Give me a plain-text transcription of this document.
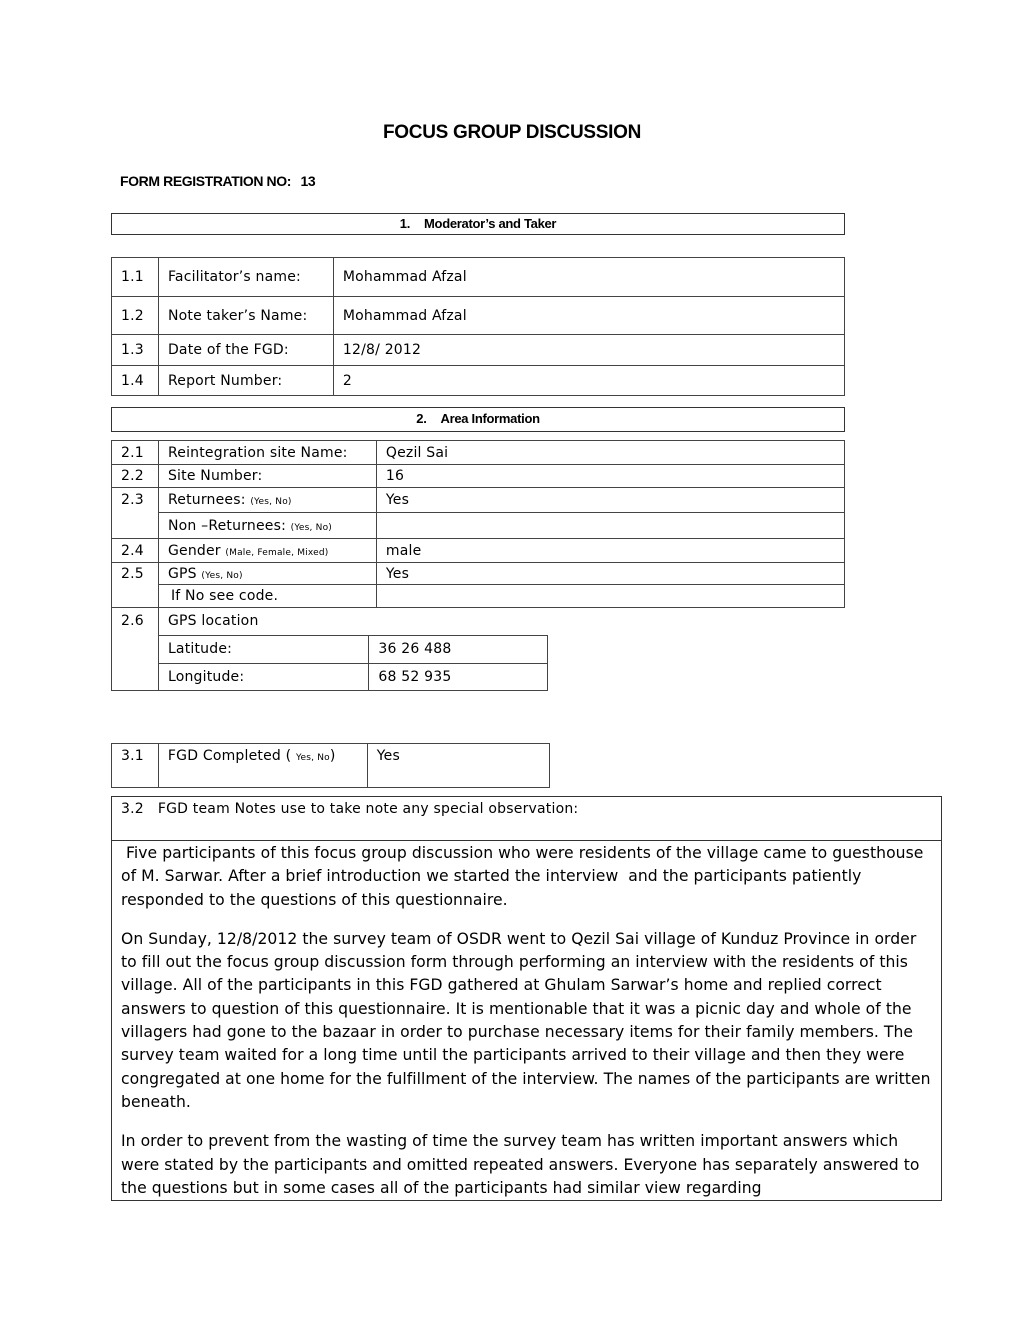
FOCUS GROUP DISCUSSION
FORM REGISTRATION NO: 13
1. Moderator’s and Taker
1.1	Facilitator’s name:	Mohammad Afzal
1.2	Note taker’s Name:	Mohammad Afzal
1.3	Date of the FGD:	12/8/ 2012
1.4	Report Number:	2
2. Area Information
2.1	Reintegration site Name:	Qezil Sai
2.2	Site Number:	16
2.3	Returnees: (Yes, No)	Yes
	Non –Returnees: (Yes, No)	
2.4	Gender (Male, Female, Mixed)	male
2.5	GPS (Yes, No)	Yes
	If No see code.	
2.6	GPS location	
	Latitude:	36 26 488
	Longitude:	68 52 935
3.1	FGD Completed ( Yes, No)	Yes
3.2 FGD team Notes use to take note any special observation:

Five participants of this focus group discussion who were residents of the village came to guesthouse of M. Sarwar. After a brief introduction we started the interview  and the participants patiently responded to the questions of this questionnaire.

On Sunday, 12/8/2012 the survey team of OSDR went to Qezil Sai village of Kunduz Province in order to fill out the focus group discussion form through performing an interview with the residents of this village. All of the participants in this FGD gathered at Ghulam Sarwar’s home and replied correct answers to question of this questionnaire. It is mentionable that it was a picnic day and whole of the villagers had gone to the bazaar in order to purchase necessary items for their family members. The survey team waited for a long time until the participants arrived to their village and then they were congregated at one home for the fulfillment of the interview. The names of the participants are written beneath.

In order to prevent from the wasting of time the survey team has written important answers which were stated by the participants and omitted repeated answers. Everyone has separately answered to the questions but in some cases all of the participants had similar view regarding
